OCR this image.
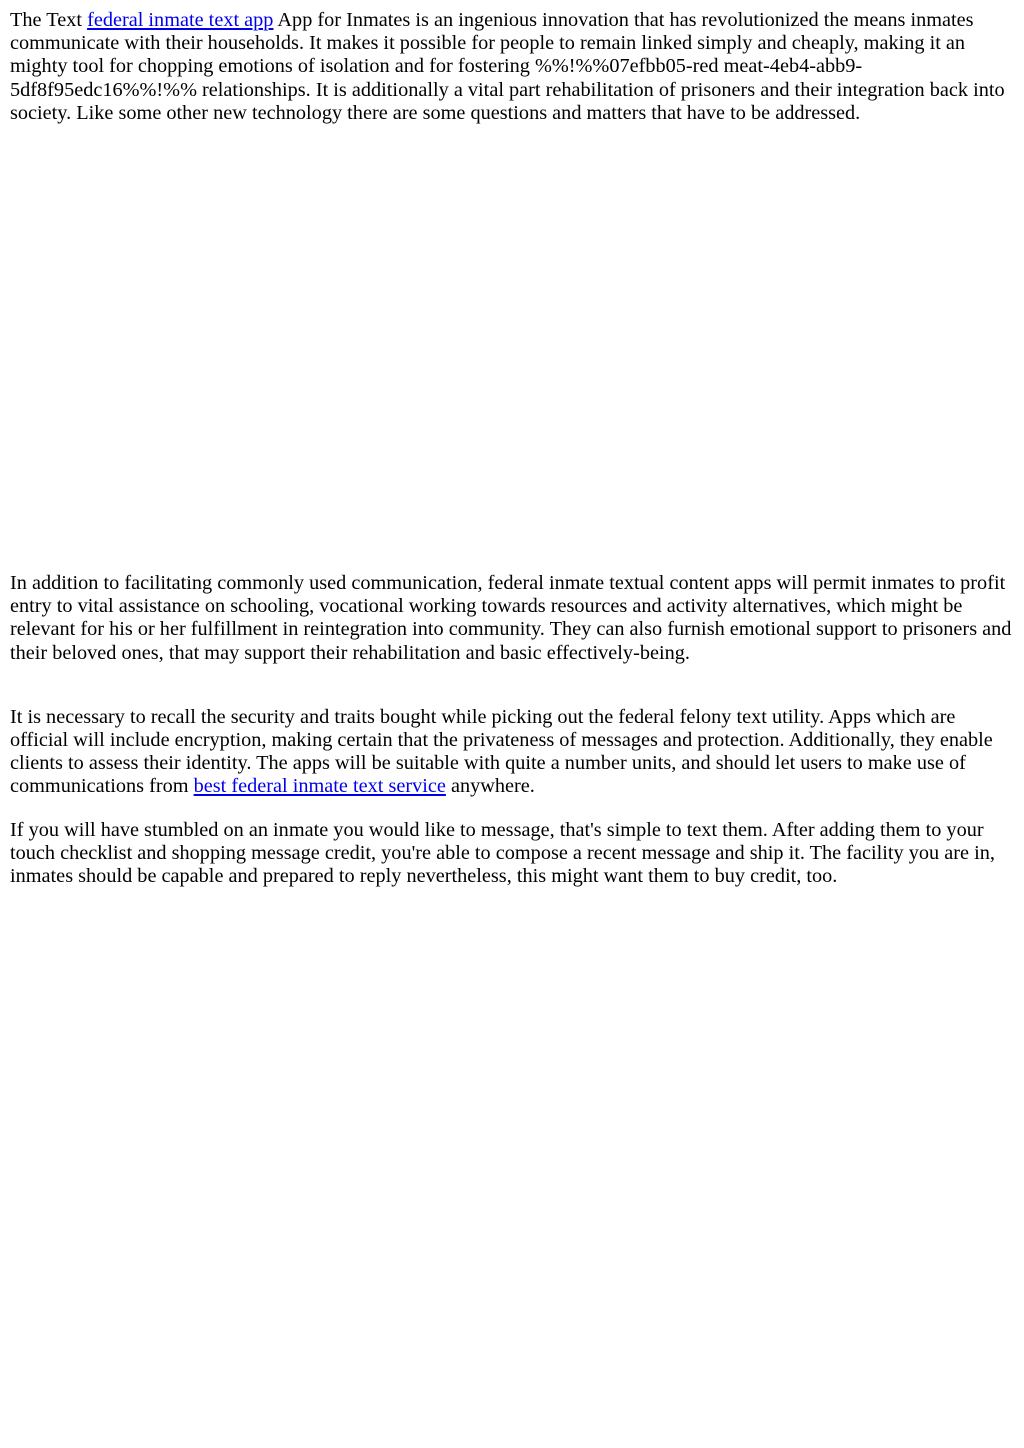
The Text federal inmate text app App for Inmates is an ingenious innovation that has revolutionized the means inmates communicate with their households. It makes it possible for people to remain linked simply and cheaply, making it an mighty tool for chopping emotions of isolation and for fostering %%!%%07efbb05-red meat-4eb4-abb9-5df8f95edc16%%!%% relationships. It is additionally a vital part rehabilitation of prisoners and their integration back into society. Like some other new technology there are some questions and matters that have to be addressed.

In addition to facilitating commonly used communication, federal inmate textual content apps will permit inmates to profit entry to vital assistance on schooling, vocational working towards resources and activity alternatives, which might be relevant for his or her fulfillment in reintegration into community. They can also furnish emotional support to prisoners and their beloved ones, that may support their rehabilitation and basic effectively-being.

It is necessary to recall the security and traits bought while picking out the federal felony text utility. Apps which are official will include encryption, making certain that the privateness of messages and protection. Additionally, they enable clients to assess their identity. The apps will be suitable with quite a number units, and should let users to make use of communications from best federal inmate text service anywhere.

If you will have stumbled on an inmate you would like to message, that's simple to text them. After adding them to your touch checklist and shopping message credit, you're able to compose a recent message and ship it. The facility you are in, inmates should be capable and prepared to reply nevertheless, this might want them to buy credit, too.
